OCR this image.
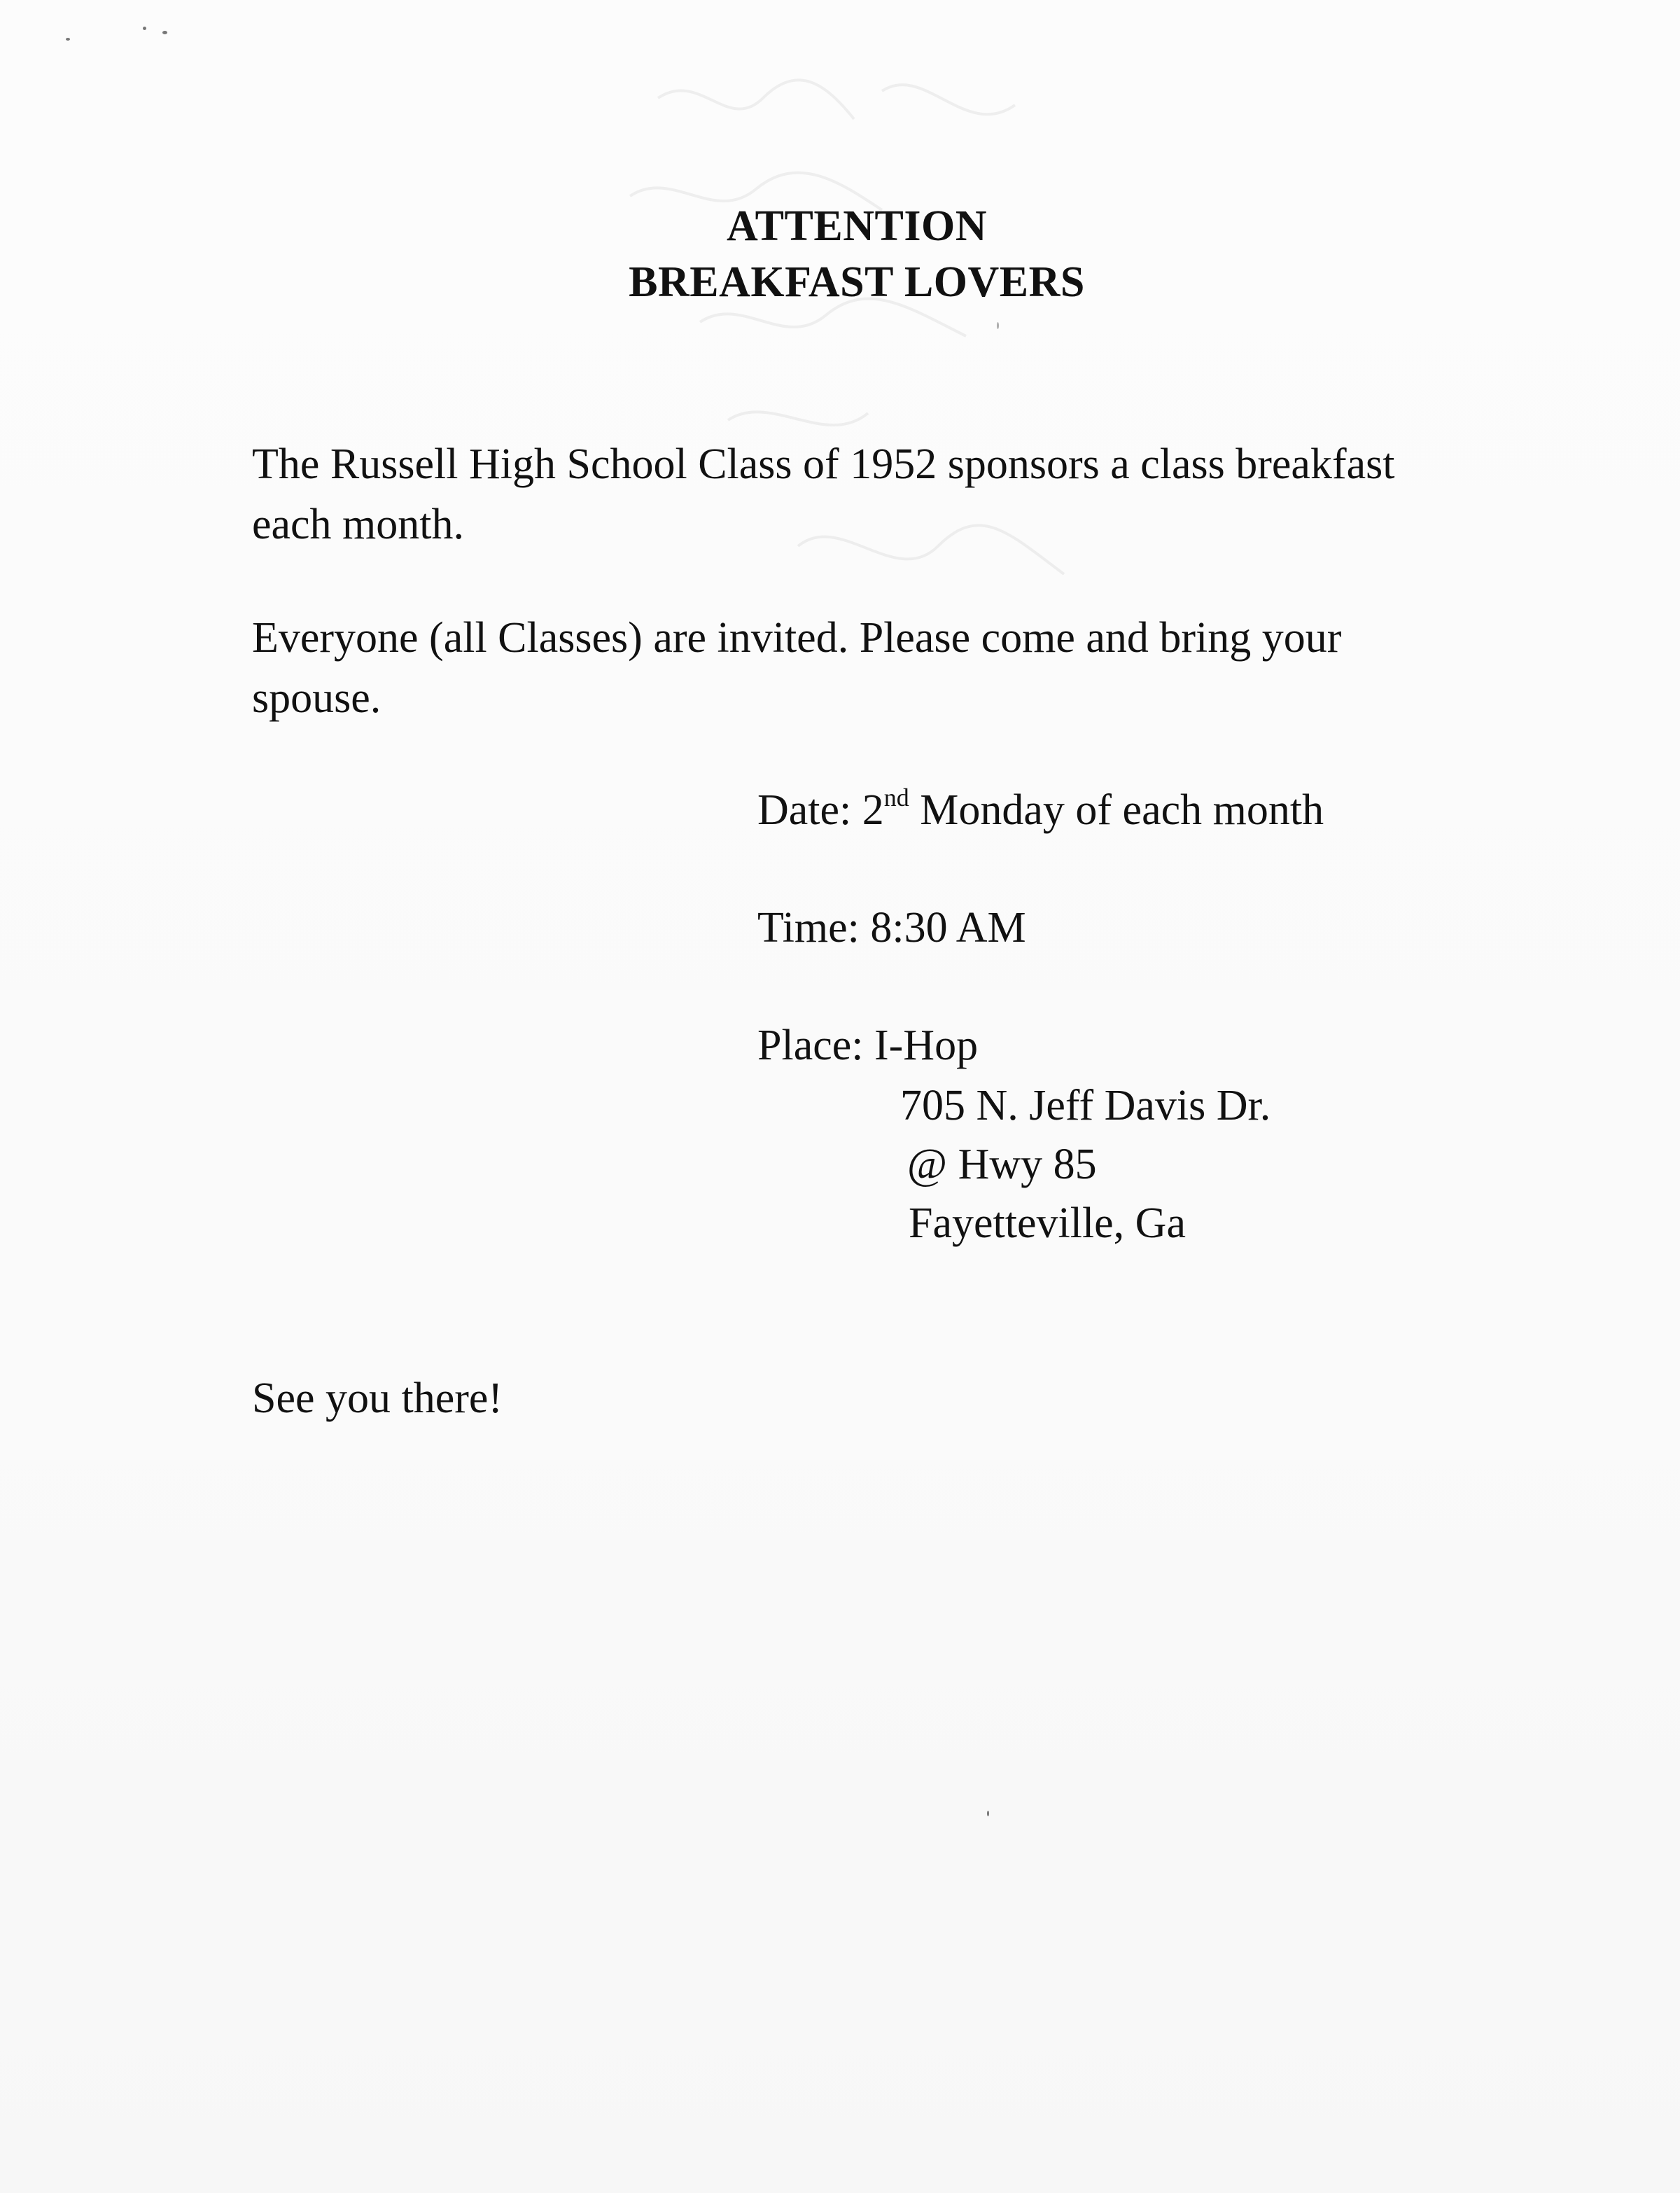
ATTENTION
BREAKFAST LOVERS
The Russell High School Class of 1952 sponsors a class breakfast each month.
Everyone (all Classes) are invited. Please come and bring your spouse.
Date: 2nd Monday of each month
Time: 8:30 AM
Place: I-Hop
705 N. Jeff Davis Dr.
@ Hwy 85
Fayetteville, Ga
See you there!
